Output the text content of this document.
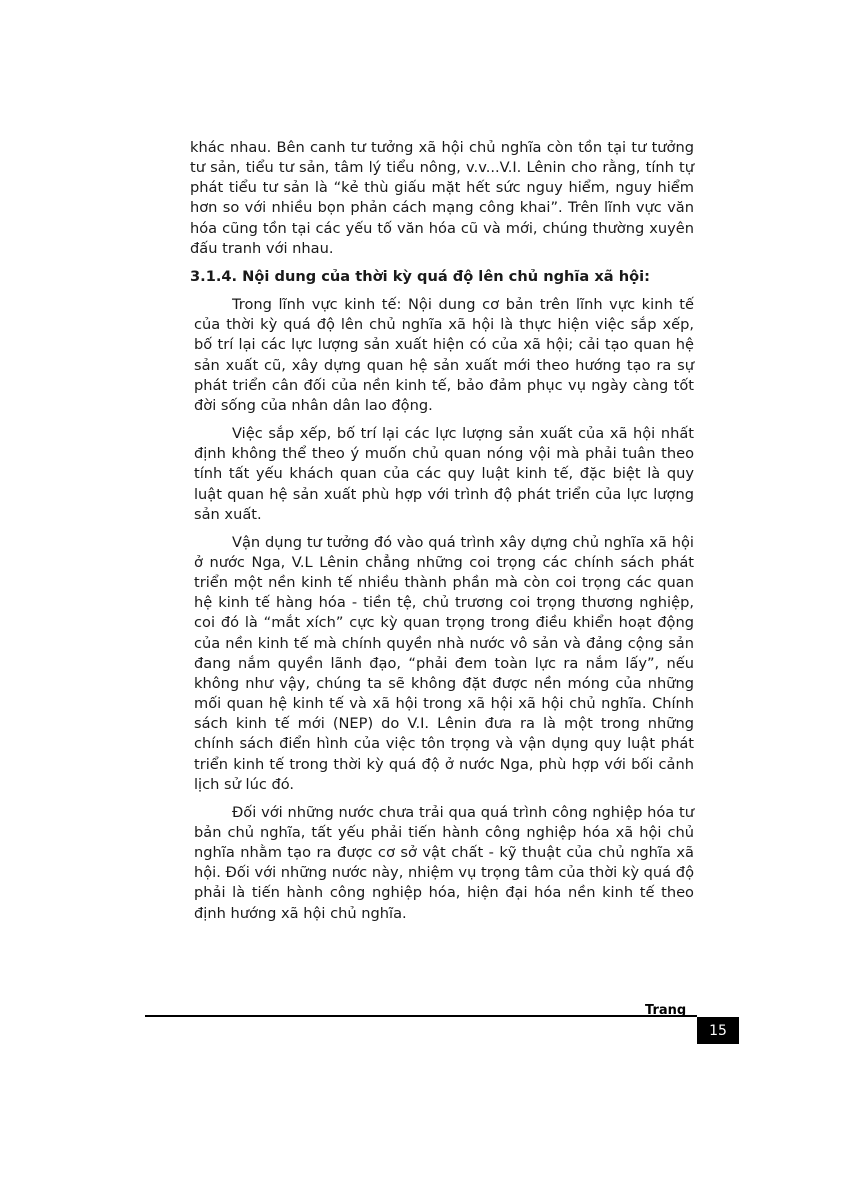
khác nhau. Bên canh tư tưởng xã hội chủ nghĩa còn tồn tại tư tưởng tư sản, tiểu tư sản, tâm lý tiểu nông, v.v...V.I. Lênin cho rằng, tính tự phát tiểu tư sản là “kẻ thù giấu mặt hết sức nguy hiểm, nguy hiểm hơn so với nhiều bọn phản cách mạng công khai”. Trên lĩnh vực văn hóa cũng tồn tại các yếu tố văn hóa cũ và mới, chúng thường xuyên đấu tranh với nhau.

3.1.4. Nội dung của thời kỳ quá độ lên chủ nghĩa xã hội:

Trong lĩnh vực kinh tế: Nội dung cơ bản trên lĩnh vực kinh tế của thời kỳ quá độ lên chủ nghĩa xã hội là thực hiện việc sắp xếp, bố trí lại các lực lượng sản xuất hiện có của xã hội; cải tạo quan hệ sản xuất cũ, xây dựng quan hệ sản xuất mới theo hướng tạo ra sự phát triển cân đối của nền kinh tế, bảo đảm phục vụ ngày càng tốt đời sống của nhân dân lao động.

Việc sắp xếp, bố trí lại các lực lượng sản xuất của xã hội nhất định không thể theo ý muốn chủ quan nóng vội mà phải tuân theo tính tất yếu khách quan của các quy luật kinh tế, đặc biệt là quy luật quan hệ sản xuất phù hợp với trình độ phát triển của lực lượng sản xuất.

Vận dụng tư tưởng đó vào quá trình xây dựng chủ nghĩa xã hội ở nước Nga, V.L Lênin chẳng những coi trọng các chính sách phát triển một nền kinh tế nhiều thành phần mà còn coi trọng các quan hệ kinh tế hàng hóa - tiền tệ, chủ trương coi trọng thương nghiệp, coi đó là “mắt xích” cực kỳ quan trọng trong điều khiển hoạt động của nền kinh tế mà chính quyền nhà nước vô sản và đảng cộng sản đang nắm quyền lãnh đạo, “phải đem toàn lực ra nắm lấy”, nếu không như vậy, chúng ta sẽ không đặt được nền móng của những mối quan hệ kinh tế và xã hội trong xã hội xã hội chủ nghĩa. Chính sách kinh tế mới (NEP) do V.I. Lênin đưa ra là một trong những chính sách điển hình của việc tôn trọng và vận dụng quy luật phát triển kinh tế trong thời kỳ quá độ ở nước Nga, phù hợp với bối cảnh lịch sử lúc đó.

Đối với những nước chưa trải qua quá trình công nghiệp hóa tư bản chủ nghĩa, tất yếu phải tiến hành công nghiệp hóa xã hội chủ nghĩa nhằm tạo ra được cơ sở vật chất - kỹ thuật của chủ nghĩa xã hội. Đối với những nước này, nhiệm vụ trọng tâm của thời kỳ quá độ phải là tiến hành công nghiệp hóa, hiện đại hóa nền kinh tế theo định hướng xã hội chủ nghĩa.

Trang
15
